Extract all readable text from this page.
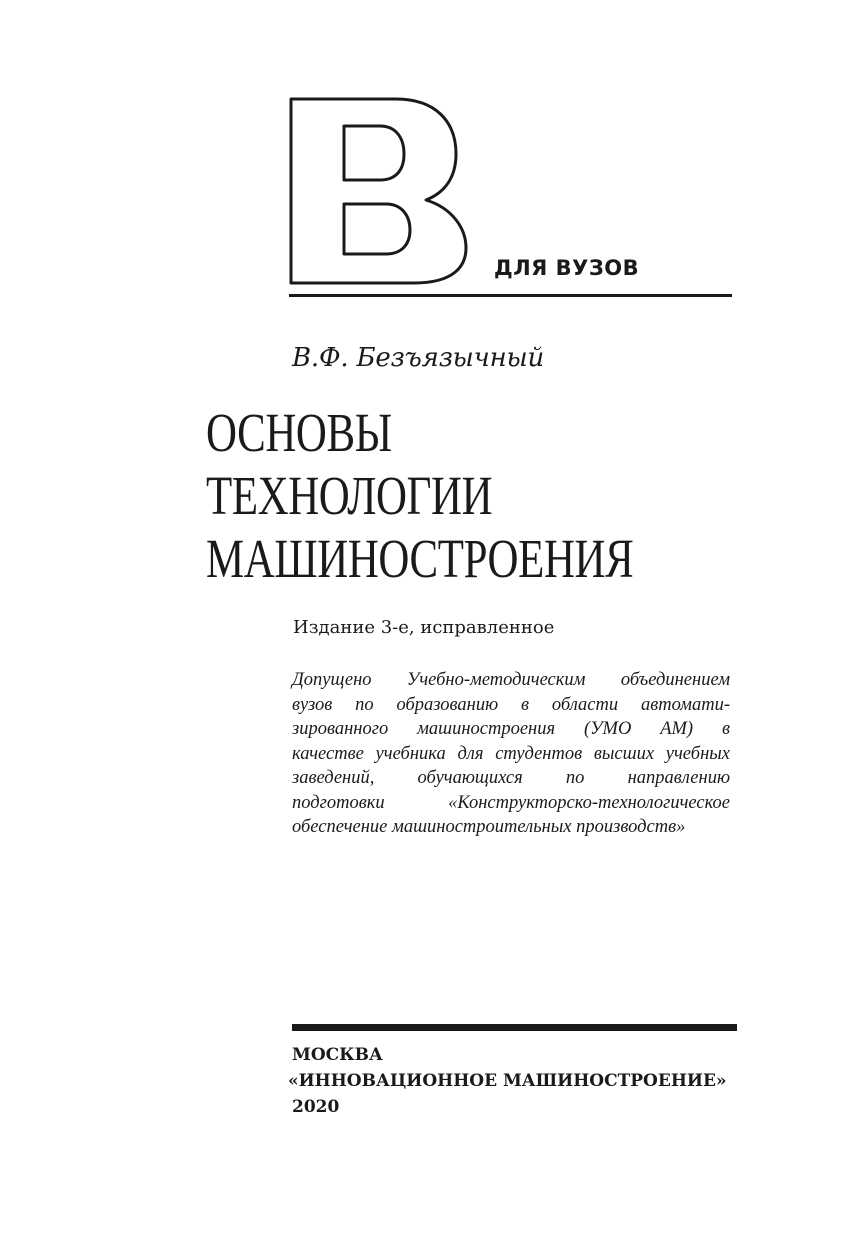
ДЛЯ ВУЗОВ
В.Ф. Безъязычный
ОСНОВЫ
ТЕХНОЛОГИИ
МАШИНОСТРОЕНИЯ
Издание 3-е, исправленное
Допущено Учебно-методическим объединением
вузов по образованию в области автомати-
зированного машиностроения (УМО АМ) в
качестве учебника для студентов высших учебных
заведений, обучающихся по направлению
подготовки «Конструкторско-технологическое
обеспечение машиностроительных производств»
МОСКВА
«ИННОВАЦИОННОЕ МАШИНОСТРОЕНИЕ»
2020
